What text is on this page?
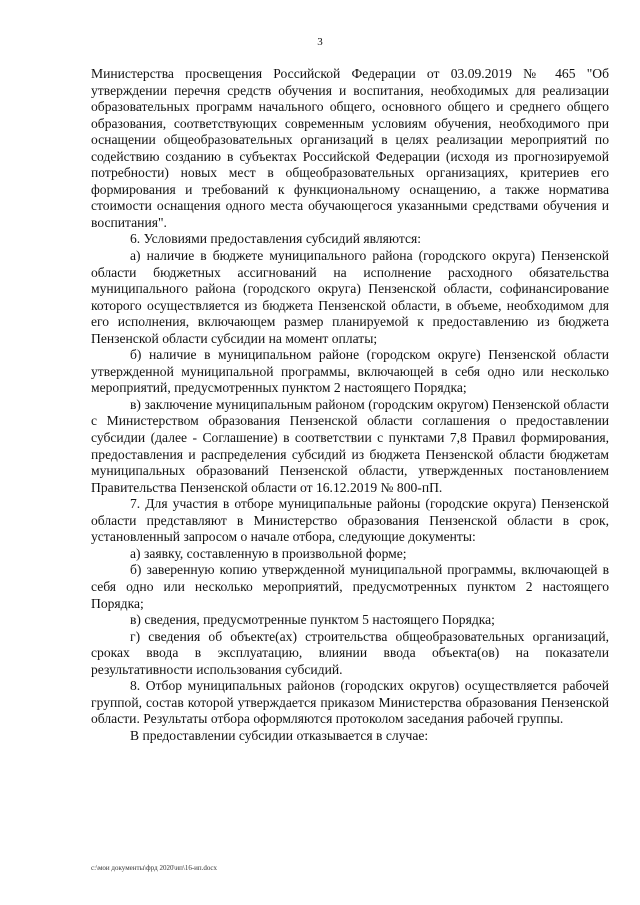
3

Министерства просвещения Российской Федерации от 03.09.2019 № 465 "Об утверждении перечня средств обучения и воспитания, необходимых для реализации образовательных программ начального общего, основного общего и среднего общего образования, соответствующих современным условиям обучения, необходимого при оснащении общеобразовательных организаций в целях реализации мероприятий по содействию созданию в субъектах Российской Федерации (исходя из прогнозируемой потребности) новых мест в общеобразовательных организациях, критериев его формирования и требований к функциональному оснащению, а также норматива стоимости оснащения одного места обучающегося указанными средствами обучения и воспитания".

6. Условиями предоставления субсидий являются:

а) наличие в бюджете муниципального района (городского округа) Пензенской области бюджетных ассигнований на исполнение расходного обязательства муниципального района (городского округа) Пензенской области, софинансирование которого осуществляется из бюджета Пензенской области, в объеме, необходимом для его исполнения, включающем размер планируемой к предоставлению из бюджета Пензенской области субсидии на момент оплаты;

б) наличие в муниципальном районе (городском округе) Пензенской области утвержденной муниципальной программы, включающей в себя одно или несколько мероприятий, предусмотренных пунктом 2 настоящего Порядка;

в) заключение муниципальным районом (городским округом) Пензенской области с Министерством образования Пензенской области соглашения о предоставлении субсидии (далее - Соглашение) в соответствии с пунктами 7,8 Правил формирования, предоставления и распределения субсидий из бюджета Пензенской области бюджетам муниципальных образований Пензенской области, утвержденных постановлением Правительства Пензенской области от 16.12.2019 № 800-пП.

7. Для участия в отборе муниципальные районы (городские округа) Пензенской области представляют в Министерство образования Пензенской области в срок, установленный запросом о начале отбора, следующие документы:

а) заявку, составленную в произвольной форме;

б) заверенную копию утвержденной муниципальной программы, включающей в себя одно или несколько мероприятий, предусмотренных пунктом 2 настоящего Порядка;

в) сведения, предусмотренные пунктом 5 настоящего Порядка;

г) сведения об объекте(ах) строительства общеобразовательных организаций, сроках ввода в эксплуатацию, влиянии ввода объекта(ов) на показатели результативности использования субсидий.

8. Отбор муниципальных районов (городских округов) осуществляется рабочей группой, состав которой утверждается приказом Министерства образования Пензенской области. Результаты отбора оформляются протоколом заседания рабочей группы.

В предоставлении субсидии отказывается в случае:

c:\мои документы\фрд 2020\ип\16-ип.docx
